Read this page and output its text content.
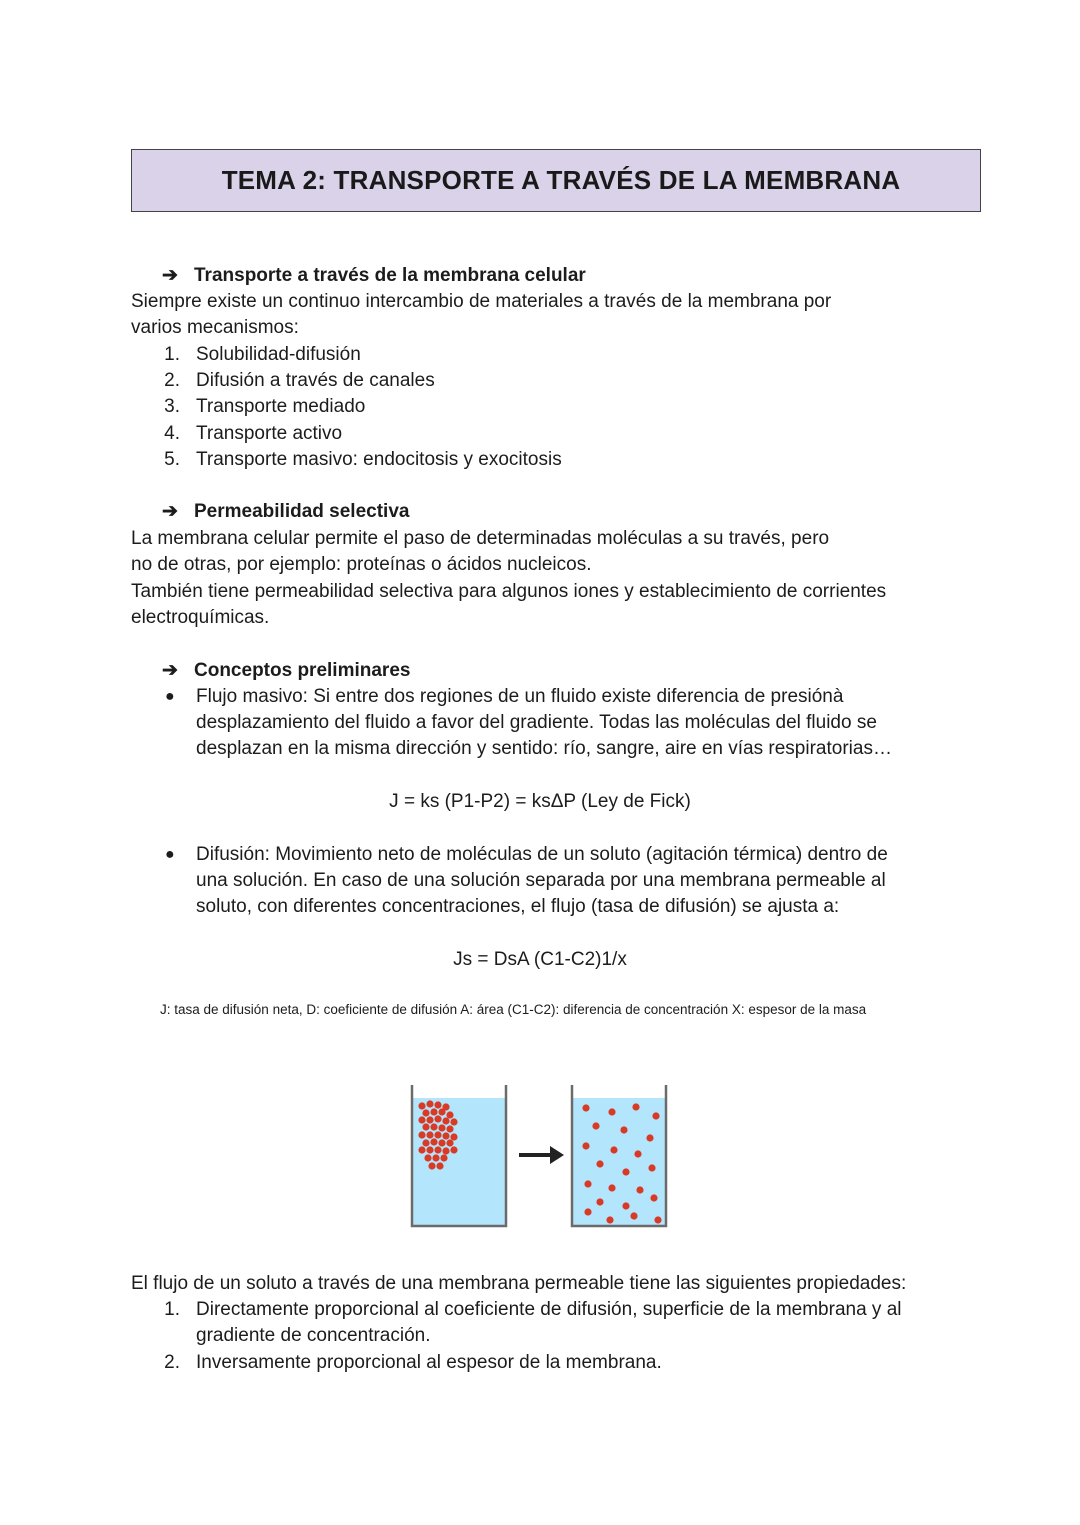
TEMA 2: TRANSPORTE A TRAVÉS DE LA MEMBRANA
➔ Transporte a través de la membrana celular
Siempre existe un continuo intercambio de materiales a través de la membrana por
varios mecanismos:
1. Solubilidad-difusión
2. Difusión a través de canales
3. Transporte mediado
4. Transporte activo
5. Transporte masivo: endocitosis y exocitosis
➔ Permeabilidad selectiva
La membrana celular permite el paso de determinadas moléculas a su través, pero
no de otras, por ejemplo: proteínas o ácidos nucleicos.
También tiene permeabilidad selectiva para algunos iones y establecimiento de corrientes
electroquímicas.
➔ Conceptos preliminares
● Flujo masivo: Si entre dos regiones de un fluido existe diferencia de presiónà
desplazamiento del fluido a favor del gradiente. Todas las moléculas del fluido se
desplazan en la misma dirección y sentido: río, sangre, aire en vías respiratorias…
J = ks (P1-P2) = ksΔP (Ley de Fick)
● Difusión: Movimiento neto de moléculas de un soluto (agitación térmica) dentro de
una solución. En caso de una solución separada por una membrana permeable al
soluto, con diferentes concentraciones, el flujo (tasa de difusión) se ajusta a:
Js = DsA (C1-C2)1/x
J: tasa de difusión neta, D: coeficiente de difusión A: área (C1-C2): diferencia de concentración X: espesor de la masa
El flujo de un soluto a través de una membrana permeable tiene las siguientes propiedades:
1. Directamente proporcional al coeficiente de difusión, superficie de la membrana y al
gradiente de concentración.
2. Inversamente proporcional al espesor de la membrana.
